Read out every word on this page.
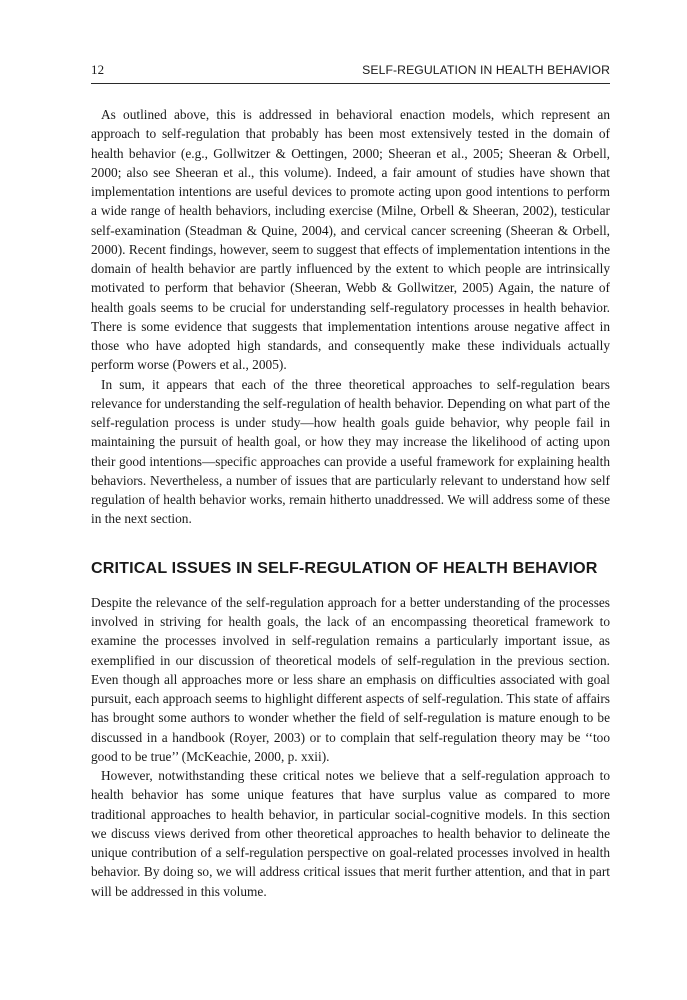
12	SELF-REGULATION IN HEALTH BEHAVIOR

As outlined above, this is addressed in behavioral enaction models, which represent an approach to self-regulation that probably has been most extensively tested in the domain of health behavior (e.g., Gollwitzer & Oettingen, 2000; Sheeran et al., 2005; Sheeran & Orbell, 2000; also see Sheeran et al., this volume). Indeed, a fair amount of studies have shown that implementation intentions are useful devices to promote acting upon good intentions to perform a wide range of health behaviors, including exercise (Milne, Orbell & Sheeran, 2002), testicular self-examination (Steadman & Quine, 2004), and cervical cancer screening (Sheeran & Orbell, 2000). Recent findings, however, seem to suggest that effects of implementation intentions in the domain of health behavior are partly influenced by the extent to which people are intrinsically motivated to perform that behavior (Sheeran, Webb & Gollwitzer, 2005) Again, the nature of health goals seems to be crucial for understanding self-regulatory processes in health behavior. There is some evidence that suggests that implementation intentions arouse negative affect in those who have adopted high standards, and consequently make these individuals actually perform worse (Powers et al., 2005).

In sum, it appears that each of the three theoretical approaches to self-regulation bears relevance for understanding the self-regulation of health behavior. Depending on what part of the self-regulation process is under study—how health goals guide behavior, why people fail in maintaining the pursuit of health goal, or how they may increase the likelihood of acting upon their good intentions—specific approaches can provide a useful framework for explaining health behaviors. Nevertheless, a number of issues that are particularly relevant to understand how self regulation of health behavior works, remain hitherto unaddressed. We will address some of these in the next section.

CRITICAL ISSUES IN SELF-REGULATION OF HEALTH BEHAVIOR

Despite the relevance of the self-regulation approach for a better understanding of the processes involved in striving for health goals, the lack of an encompassing theoretical framework to examine the processes involved in self-regulation remains a particularly important issue, as exemplified in our discussion of theoretical models of self-regulation in the previous section. Even though all approaches more or less share an emphasis on difficulties associated with goal pursuit, each approach seems to highlight different aspects of self-regulation. This state of affairs has brought some authors to wonder whether the field of self-regulation is mature enough to be discussed in a handbook (Royer, 2003) or to complain that self-regulation theory may be ‘‘too good to be true’’ (McKeachie, 2000, p. xxii).

However, notwithstanding these critical notes we believe that a self-regulation approach to health behavior has some unique features that have surplus value as compared to more traditional approaches to health behavior, in particular social-cognitive models. In this section we discuss views derived from other theoretical approaches to health behavior to delineate the unique contribution of a self-regulation perspective on goal-related processes involved in health behavior. By doing so, we will address critical issues that merit further attention, and that in part will be addressed in this volume.
